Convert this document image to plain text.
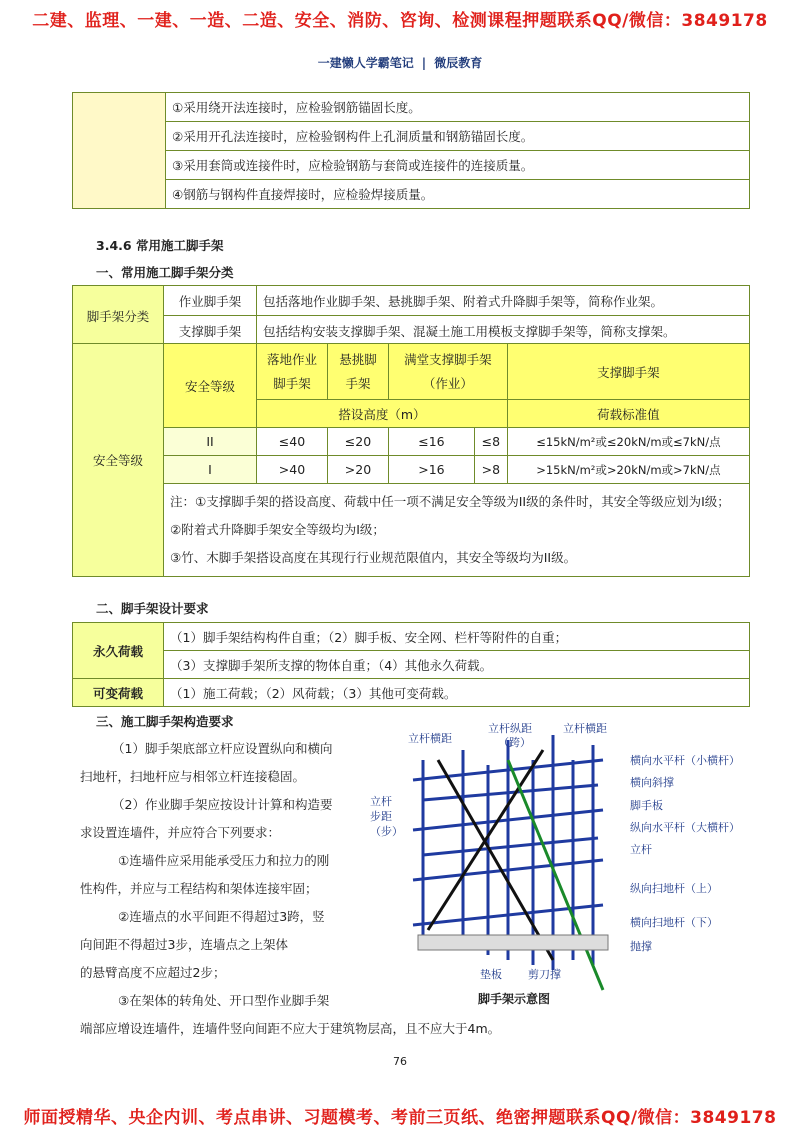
二建、监理、一建、一造、二造、安全、消防、咨询、检测课程押题联系QQ/微信：3849178
一建懒人学霸笔记 | 微辰教育
	①采用绕开法连接时，应检验钢筋锚固长度。
②采用开孔法连接时，应检验钢构件上孔洞质量和钢筋锚固长度。
③采用套筒或连接件时，应检验钢筋与套筒或连接件的连接质量。
④钢筋与钢构件直接焊接时，应检验焊接质量。
3.4.6 常用施工脚手架
一、常用施工脚手架分类
脚手架分类	作业脚手架	包括落地作业脚手架、悬挑脚手架、附着式升降脚手架等，简称作业架。
	支撑脚手架	包括结构安装支撑脚手架、混凝土施工用模板支撑脚手架等，简称支撑架。
安全等级	安全等级	落地作业脚手架	悬挑脚手架	满堂支撑脚手架（作业）		支撑脚手架
		搭设高度（m）				荷载标准值
	II	≤40	≤20	≤16	≤8	≤15kN/m²或≤20kN/m或≤7kN/点
	I	>40	>20	>16	>8	>15kN/m²或>20kN/m或>7kN/点

	注：①支撑脚手架的搭设高度、荷载中任一项不满足安全等级为II级的条件时，其安全等级应划为I级；
②附着式升降脚手架安全等级均为I级；
③竹、木脚手架搭设高度在其现行行业规范限值内，其安全等级均为II级。					
二、脚手架设计要求
永久荷载	（1）脚手架结构构件自重；（2）脚手板、安全网、栏杆等附件的自重；
	（3）支撑脚手架所支撑的物体自重；（4）其他永久荷载。
可变荷载	（1）施工荷载；（2）风荷载；（3）其他可变荷载。
三、施工脚手架构造要求
（1）脚手架底部立杆应设置纵向和横向
扫地杆，扫地杆应与相邻立杆连接稳固。
（2）作业脚手架应按设计计算和构造要
求设置连墙件，并应符合下列要求：
①连墙件应采用能承受压力和拉力的刚
性构件，并应与工程结构和架体连接牢固；
②连墙点的水平间距不得超过3跨，竖
向间距不得超过3步，连墙点之上架体
的悬臂高度不应超过2步；
③在架体的转角处、开口型作业脚手架
端部应增设连墙件，连墙件竖向间距不应大于建筑物层高，且不应大于4m。
立杆横距
立杆纵距
（跨）
立杆横距
横向水平杆（小横杆）
横向斜撑
脚手板
纵向水平杆（大横杆）
立杆
纵向扫地杆（上）
横向扫地杆（下）
抛撑
立杆
步距
（步）
垫板 剪刀撑
脚手架示意图
76
师面授精华、央企内训、考点串讲、习题模考、考前三页纸、绝密押题联系QQ/微信：3849178
